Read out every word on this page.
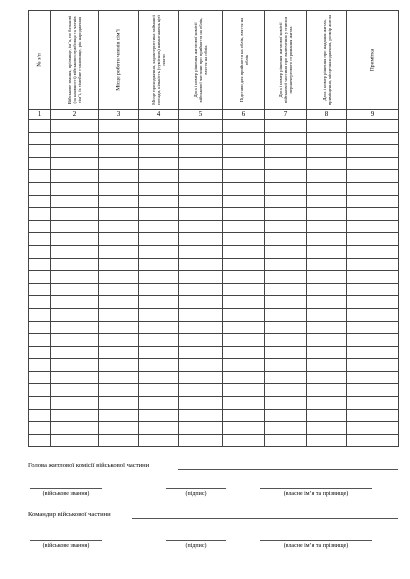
№ з/п	Військове звання, прізвище, ім’я, по батькові (за наявності) військовослужбовця та членів сім’ї, їх сімейне становище, рік народження	Місце роботи членів сім’ї	Місце проходження, характеристика займаної посади, кількість (сумісних) навантажень цієї плати	Дата і номер рішення житлової комісії військової частини про прийняття на облік, взяття на облік	Підстави для прийняття на облік, взяття на облік	Дата і номер рішення житлової комісії військової частини про включення у списки першочергового отримання житла	Дата і номер рішення про надання житла, приміщення, місцезнаходження, розмір житла	Примітка

1	2	3	4	5	6	7	8	9

Голова житлової комісії військової частини
(військове звання)	(підпис)	(власне ім’я та прізвище)
Командир військової частини
(військове звання)	(підпис)	(власне ім’я та прізвище)
